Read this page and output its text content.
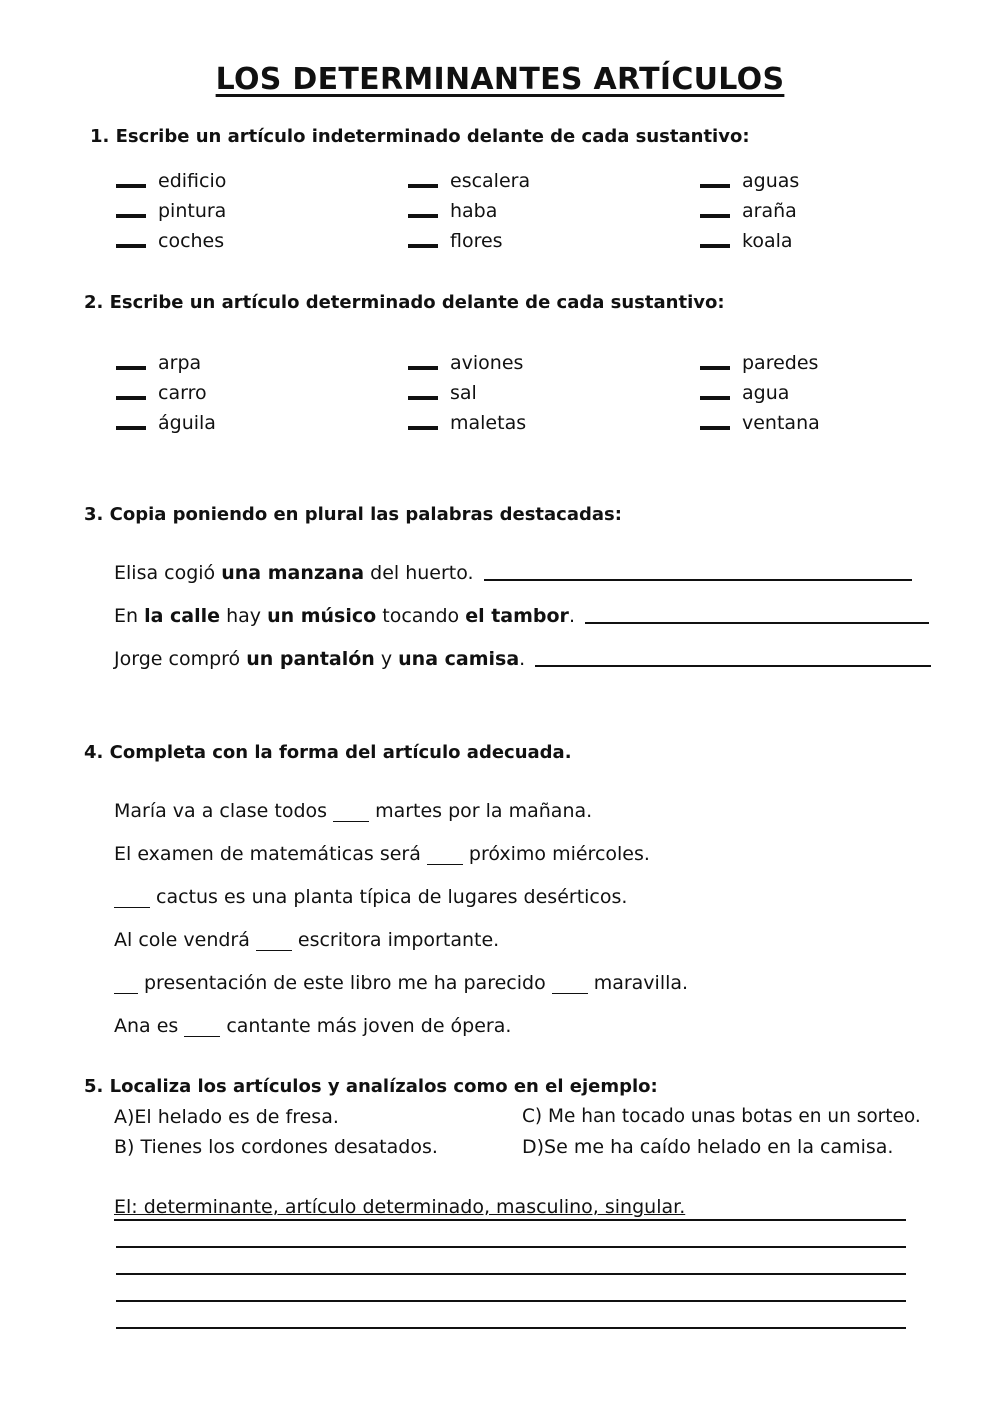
LOS DETERMINANTES ARTÍCULOS
1. Escribe un artículo indeterminado delante de cada sustantivo:
edificio	escalera	aguas
pintura	haba	araña
coches	flores	koala
2. Escribe un artículo determinado delante de cada sustantivo:
arpa	aviones	paredes
carro	sal	agua
águila	maletas	ventana
3. Copia poniendo en plural las palabras destacadas:
Elisa cogió una manzana del huerto.
En la calle hay un músico tocando el tambor .
Jorge compró un pantalón y una camisa .
4. Completa con la forma del artículo adecuada.
María va a clase todos	martes por la mañana.
El examen de matemáticas será	próximo miércoles.
cactus es una planta típica de lugares desérticos.
Al cole vendrá	escritora importante.
presentación de este libro me ha parecido	maravilla.
Ana es	cantante más joven de ópera.
5. Localiza los artículos y analízalos como en el ejemplo:
A)El helado es de fresa.	C) Me han tocado unas botas en un sorteo.
B) Tienes los cordones desatados.	D)Se me ha caído helado en la camisa.
El: determinante, artículo determinado, masculino, singular.
